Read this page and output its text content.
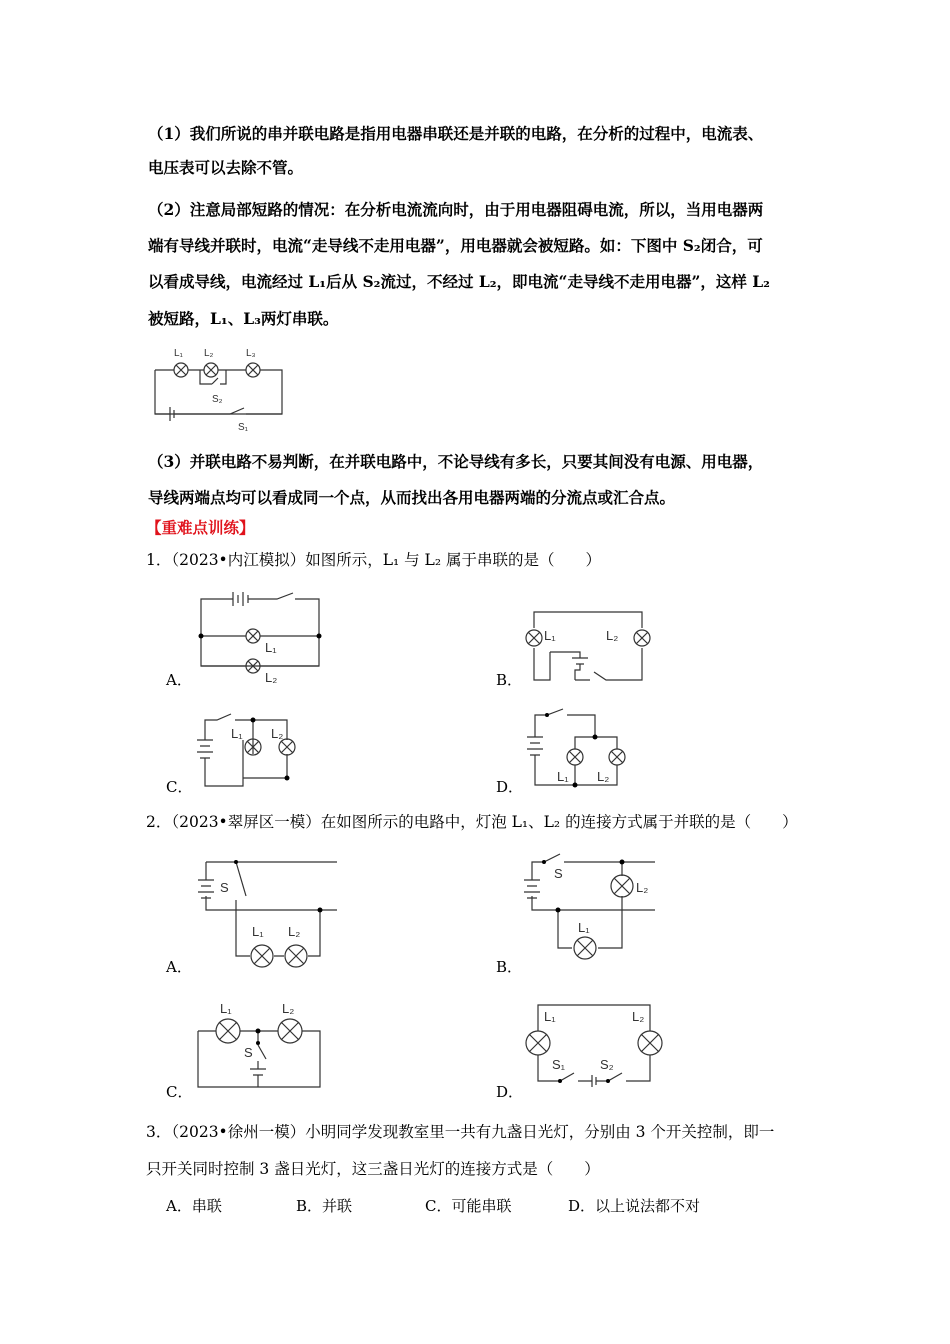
（1）我们所说的串并联电路是指用电器串联还是并联的电路，在分析的过程中，电流表、
电压表可以去除不管。
（2）注意局部短路的情况：在分析电流流向时，由于用电器阻碍电流，所以，当用电器两
端有导线并联时，电流“走导线不走用电器”，用电器就会被短路。如：下图中 S₂闭合，可
以看成导线，电流经过 L₁后从 S₂流过，不经过 L₂，即电流“走导线不走用电器”，这样 L₂
被短路，L₁、L₃两灯串联。
L₁ L₂	L₃
S₂
S₁
（3）并联电路不易判断，在并联电路中，不论导线有多长，只要其间没有电源、用电器，
导线两端点均可以看成同一个点，从而找出各用电器两端的分流点或汇合点。
【重难点训练】
1．（2023•内江模拟）如图所示，L₁ 与 L₂ 属于串联的是（　　）
L₁
L₂
A．
L₁	L₂
B．
L₁ L₂
C．
L₁ L₂
D．
2．（2023•翠屏区一模）在如图所示的电路中，灯泡 L₁、L₂ 的连接方式属于并联的是（　　）
S
L₁ L₂
A．
S
L₂
L₁
B．
L₁	L₂
S
C．
L₁	L₂
S₁	S₂
D．
3．（2023•徐州一模）小明同学发现教室里一共有九盏日光灯，分别由 3 个开关控制，即一
只开关同时控制 3 盏日光灯，这三盏日光灯的连接方式是（　　）
A．串联	B．并联	C．可能串联	D．以上说法都不对
